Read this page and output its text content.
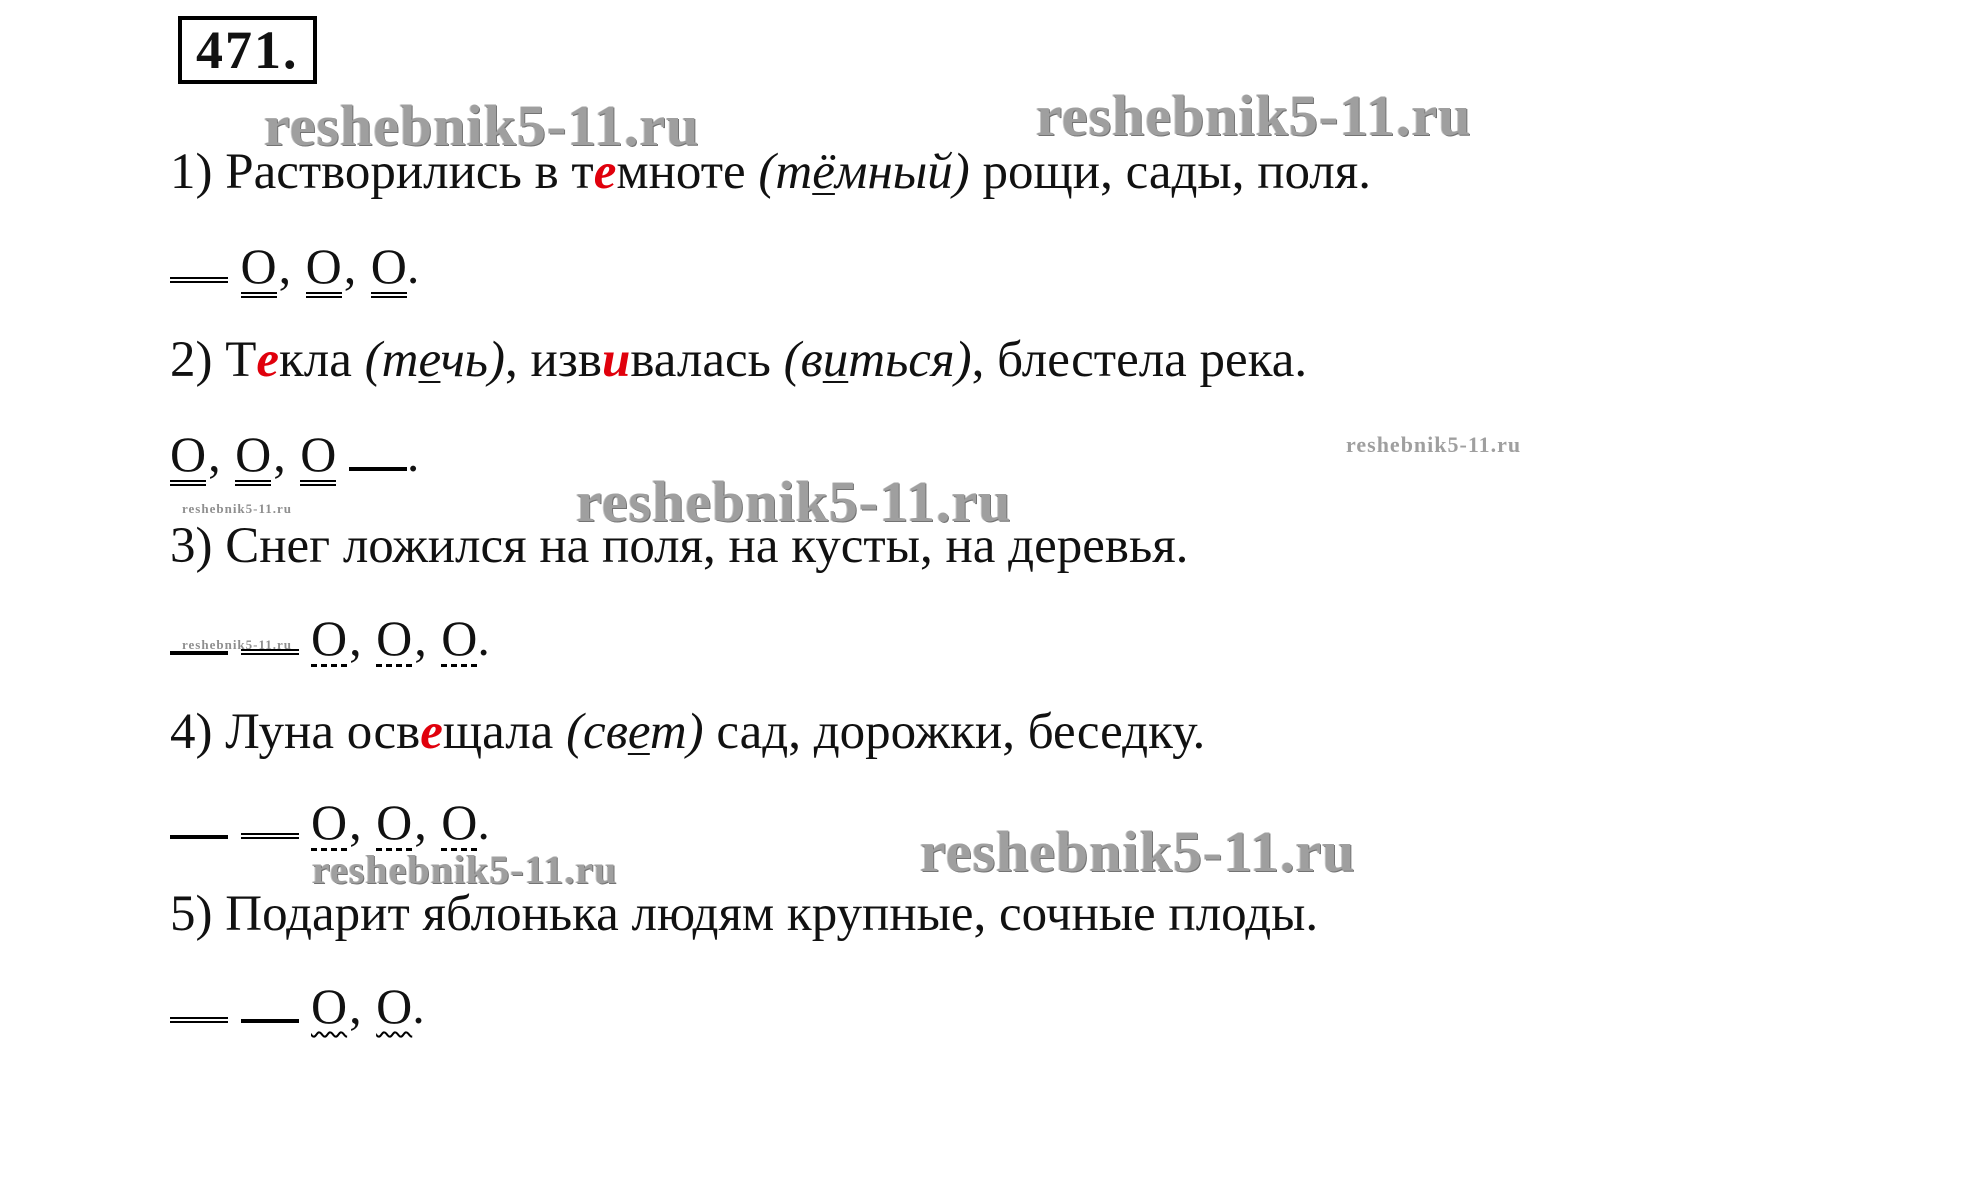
471.
reshebnik5-11.ru	reshebnik5-11.ru
reshebnik5-11.ru
reshebnik5-11.ru
reshebnik5-11.ru
reshebnik5-11.ru
reshebnik5-11.ru
reshebnik5-11.ru
1) Растворились в темноте (тёмный) рощи, сады, поля.
О, О, О.
2) Текла (течь), извивалась (виться), блестела река.
О, О, О .
3) Снег ложился на поля, на кусты, на деревья.
О, О, О.
4) Луна освещала (свет) сад, дорожки, беседку.
О, О, О.
5) Подарит яблонька людям крупные, сочные плоды.
О, О.
